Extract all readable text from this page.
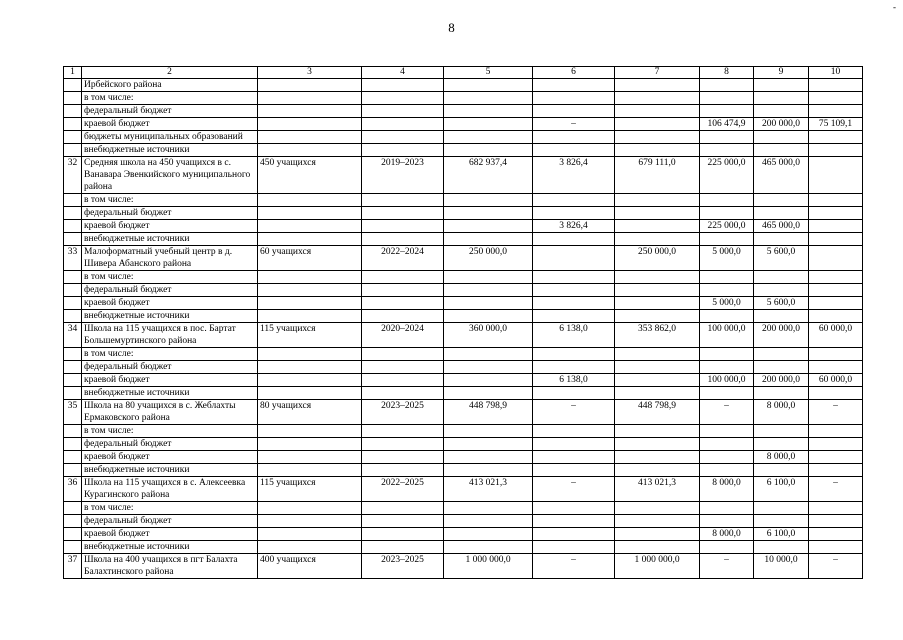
8
-
1	2	3	4	5	6	7	8	9	10
	Ирбейского района								
	в том числе:								
	федеральный бюджет								
	краевой бюджет				–		106 474,9	200 000,0	75 109,1
	бюджеты муниципальных образований								
	внебюджетные источники								
32	Средняя школа на 450 учащихся в с. Ванавара Эвенкийского муниципального района	450 учащихся	2019–2023	682 937,4	3 826,4	679 111,0	225 000,0	465 000,0	
	в том числе:								
	федеральный бюджет								
	краевой бюджет				3 826,4		225 000,0	465 000,0	
	внебюджетные источники								
33	Малоформатный учебный центр в д. Шивера Абанского района	60 учащихся	2022–2024	250 000,0		250 000,0	5 000,0	5 600,0	
	в том числе:								
	федеральный бюджет								
	краевой бюджет						5 000,0	5 600,0	
	внебюджетные источники								
34	Школа на 115 учащихся в пос. Бартат Большемуртинского района	115 учащихся	2020–2024	360 000,0	6 138,0	353 862,0	100 000,0	200 000,0	60 000,0
	в том числе:								
	федеральный бюджет								
	краевой бюджет				6 138,0		100 000,0	200 000,0	60 000,0
	внебюджетные источники								
35	Школа на 80 учащихся в с. Жеблахты Ермаковского района	80 учащихся	2023–2025	448 798,9	–	448 798,9	–	8 000,0	–
	в том числе:								
	федеральный бюджет								
	краевой бюджет							8 000,0	
	внебюджетные источники								
36	Школа на 115 учащихся в с. Алексеевка Курагинского района	115 учащихся	2022–2025	413 021,3	–	413 021,3	8 000,0	6 100,0	–
	в том числе:								
	федеральный бюджет								
	краевой бюджет						8 000,0	6 100,0	
	внебюджетные источники								
37	Школа на 400 учащихся в пгт Балахта Балахтинского района	400 учащихся	2023–2025	1 000 000,0	–	1 000 000,0	–	10 000,0	–
